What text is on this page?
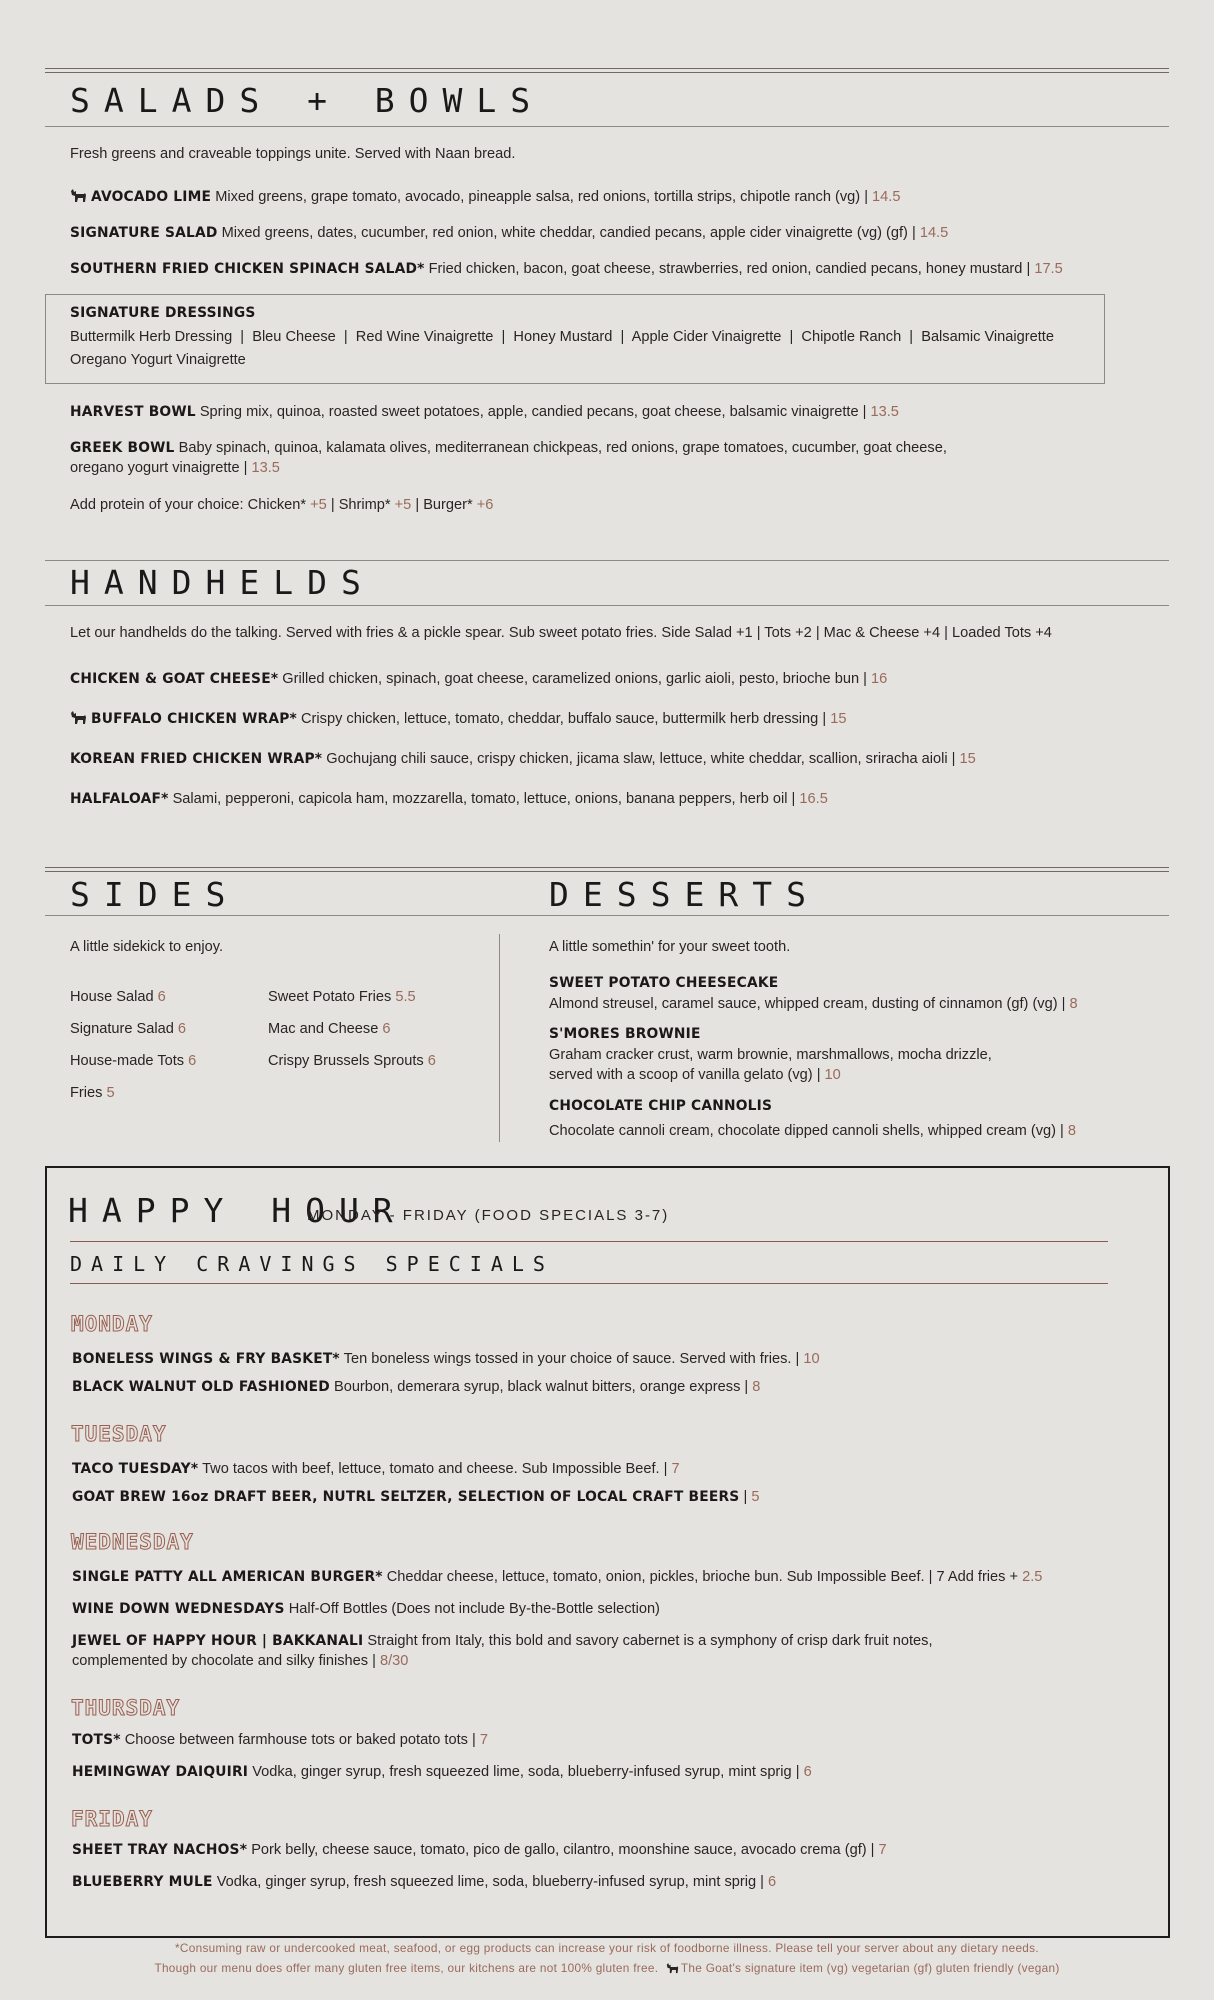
SALADS + BOWLS
Fresh greens and craveable toppings unite. Served with Naan bread.
AVOCADO LIME Mixed greens, grape tomato, avocado, pineapple salsa, red onions, tortilla strips, chipotle ranch (vg) | 14.5
SIGNATURE SALAD Mixed greens, dates, cucumber, red onion, white cheddar, candied pecans, apple cider vinaigrette (vg) (gf) | 14.5
SOUTHERN FRIED CHICKEN SPINACH SALAD* Fried chicken, bacon, goat cheese, strawberries, red onion, candied pecans, honey mustard | 17.5
SIGNATURE DRESSINGS
Buttermilk Herb Dressing  |  Bleu Cheese  |  Red Wine Vinaigrette  |  Honey Mustard  |  Apple Cider Vinaigrette  |  Chipotle Ranch  |  Balsamic Vinaigrette
Oregano Yogurt Vinaigrette
HARVEST BOWL Spring mix, quinoa, roasted sweet potatoes, apple, candied pecans, goat cheese, balsamic vinaigrette | 13.5
GREEK BOWL Baby spinach, quinoa, kalamata olives, mediterranean chickpeas, red onions, grape tomatoes, cucumber, goat cheese,
oregano yogurt vinaigrette | 13.5
Add protein of your choice: Chicken* +5 | Shrimp* +5 | Burger* +6
HANDHELDS
Let our handhelds do the talking. Served with fries & a pickle spear. Sub sweet potato fries. Side Salad +1 | Tots +2 | Mac & Cheese +4 | Loaded Tots +4
CHICKEN & GOAT CHEESE* Grilled chicken, spinach, goat cheese, caramelized onions, garlic aioli, pesto, brioche bun | 16
BUFFALO CHICKEN WRAP* Crispy chicken, lettuce, tomato, cheddar, buffalo sauce, buttermilk herb dressing | 15
KOREAN FRIED CHICKEN WRAP* Gochujang chili sauce, crispy chicken, jicama slaw, lettuce, white cheddar, scallion, sriracha aioli | 15
HALFALOAF* Salami, pepperoni, capicola ham, mozzarella, tomato, lettuce, onions, banana peppers, herb oil | 16.5
SIDES	DESSERTS
A little sidekick to enjoy.
House Salad 6
Signature Salad 6
House-made Tots 6
Fries 5
Sweet Potato Fries 5.5
Mac and Cheese 6
Crispy Brussels Sprouts 6
A little somethin' for your sweet tooth.
SWEET POTATO CHEESECAKE
Almond streusel, caramel sauce, whipped cream, dusting of cinnamon (gf) (vg) | 8
S'MORES BROWNIE
Graham cracker crust, warm brownie, marshmallows, mocha drizzle,
served with a scoop of vanilla gelato (vg) | 10
CHOCOLATE CHIP CANNOLIS
Chocolate cannoli cream, chocolate dipped cannoli shells, whipped cream (vg) | 8
HAPPY HOUR
MONDAY - FRIDAY (FOOD SPECIALS 3-7)
DAILY CRAVINGS SPECIALS
MONDAY
BONELESS WINGS & FRY BASKET* Ten boneless wings tossed in your choice of sauce. Served with fries. | 10
BLACK WALNUT OLD FASHIONED Bourbon, demerara syrup, black walnut bitters, orange express | 8
TUESDAY
TACO TUESDAY* Two tacos with beef, lettuce, tomato and cheese. Sub Impossible Beef. | 7
GOAT BREW 16oz DRAFT BEER, NUTRL SELTZER, SELECTION OF LOCAL CRAFT BEERS | 5
WEDNESDAY
SINGLE PATTY ALL AMERICAN BURGER* Cheddar cheese, lettuce, tomato, onion, pickles, brioche bun. Sub Impossible Beef. | 7 Add fries + 2.5
WINE DOWN WEDNESDAYS Half-Off Bottles (Does not include By-the-Bottle selection)
JEWEL OF HAPPY HOUR | BAKKANALI Straight from Italy, this bold and savory cabernet is a symphony of crisp dark fruit notes,
complemented by chocolate and silky finishes | 8/30
THURSDAY
TOTS* Choose between farmhouse tots or baked potato tots | 7
HEMINGWAY DAIQUIRI Vodka, ginger syrup, fresh squeezed lime, soda, blueberry-infused syrup, mint sprig | 6
FRIDAY
SHEET TRAY NACHOS* Pork belly, cheese sauce, tomato, pico de gallo, cilantro, moonshine sauce, avocado crema (gf) | 7
BLUEBERRY MULE Vodka, ginger syrup, fresh squeezed lime, soda, blueberry-infused syrup, mint sprig | 6
*Consuming raw or undercooked meat, seafood, or egg products can increase your risk of foodborne illness. Please tell your server about any dietary needs.
Though our menu does offer many gluten free items, our kitchens are not 100% gluten free. The Goat's signature item (vg) vegetarian (gf) gluten friendly (vegan)
